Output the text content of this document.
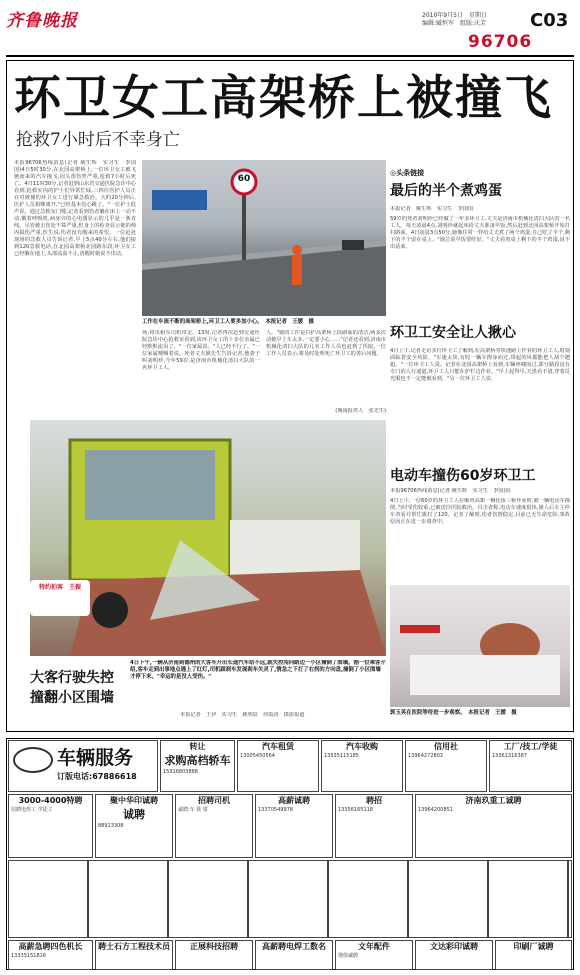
齐鲁晚报	2010年9月5日　星期日
编辑:臧恒军　组版:庆芳 C03
96706
环卫女工高架桥上被撞飞
抢救7小时后不幸身亡
本报96706热线消息(记者 姚生辉　实习生　李国国)4日5时30分,在北园高架桥上,一位环卫女工被飞驰而来的汽车撞飞,因头部伤势严重,抢救7小时后死亡。4日11时30分,记者赶到山东省交通医院急诊中心看到,抢救室内的护士们异常忙碌,三四位医护人员正在对被撞的环卫女工进行紧急救治。大约20分钟后,医护人员相继离开,"已经基本没心跳了。"一位护士低声说。通过急救室门缝,记者看到伤者躺在床上一动不动,戴着呼吸机,病床旁的心电图显示的几乎是一条直线。尽管被击伤处不算严重,但身上的检查显示她的颅内损伤严重,医生说,伤者没有醒来的希望。一位赶赴现场的急救人员告诉记者,早上5点40分左右,他们接到120急救电话,在北园高架桥北园路东段,环卫女工已经躺在地上,头部流血不止,清醒时她说不出话。
60
工作在车流不断的高架桥上,环卫工人要多加小心。　本报记者　王媛　摄
场,将出租车司机带走。13时,记者再次赶到交通医院急诊中心抢救室看到,该环卫女工的十多位亲属已经默默流泪了。"一位家属说。"人已经不行了。"一位家属哽咽着说。死者丈夫姚先生告诉记者,他妻子叫刘明珍,今年59岁,是济南市机械化清扫大队的一名环卫工人。
人。"她的工作是扫护高架桥上段路面的清洁,两多次动她早上车太多,一定要小心……"记者还看到,济南市机械化清扫大队的几名工作人员也赶到了医院,一位工作人员表示,将及时处理死亡环卫工的善后问题。
(城南报供人　张先生)
特约拍客　王振
大客行驶失控
撞翻小区围墙
4日下午,一辆从济南到德州的大客车开出长途汽车站不远,就失控闯向路边一小区撞倒了围墙。据一位乘客介绍,客车走到出事地点遇上了红灯,司机踩刹车发现刹车失灵了,情急之下打了右拐的方向盘,撞倒了小区围墙才停下来。"幸运的是没人受伤。"
本报记者　王伊　实习生　姚明辰　何霞涛　摄影报道
◎头条链接
最后的半个煮鸡蛋
本报记者　姚生辉　实习生　李国国
59岁的死者刘明珍已经做了一年多环卫工,丈夫是济南市机械化清扫大队的一名工人。每天凌晨4点,刘明珍就起床给丈夫准备早饭,然后赶到北园高架桥开始打扫路面。4日凌晨3点50分,她像往常一样给丈夫煮了两个鸡蛋,自己吃了半个,剩下的半个留在桌上。"她总说早饭要吃好。"丈夫看着桌上剩下的半个鸡蛋,说不出话来。
环卫工安全让人揪心
4日上午,记者走访多位环卫工了解到,在高架桥等快速路上作业的环卫工人,时刻面临着安全风险。"车速太快,有时一辆车擦身而过,带起的风都能把人刮个趔趄。"一位环卫工人说。记者在北园高架桥上看到,车辆呼啸而过,部分路段没有专门的人行通道,环卫工人只能在护栏边作业。"早上起得早,天黑看不清,穿着反光服也不一定能被看到。"另一位环卫工人说。
电动车撞伤60岁环卫工
本报96706热线消息(记者 姚生辉　实习生　李国国)
4日上午,一位60岁的环卫工人在顺河高架一侧化妆三桥作业时,被一辆电动车撞倒,当时受伤较重,已被送往医院救治。目击者称,电动车速度很快,撞人后车主停车查看并帮忙拨打了120。记者了解到,伤者伤情稳定,目前已无生命危险,事故原因正在进一步调查中。
郭玉英在医院等待进一步观察。　本报记者　王媛　摄
车辆服务
订版电话:67886618
转让
求购高档轿车
15316803888
汽车租赁
13005450564
汽车收购
13535115185
信用社
13964272803
工厂/技工/学徒
13361316387
3000-4000特聘
招聘电焊工 学徒工
聚中华印诚聘
诚聘
88913308
招聘司机
诚聘:车 铣 钳
高薪诚聘
13370549978
聘招
13356165118
济南玖重工诚聘
13964200851
高薪急聘四色机长
13335151816
聘士石方工程技术员	正展科技招聘	高薪聘电焊工数名	文年配件
增值诚聘
文达彩印诚聘	印刷厂诚聘
